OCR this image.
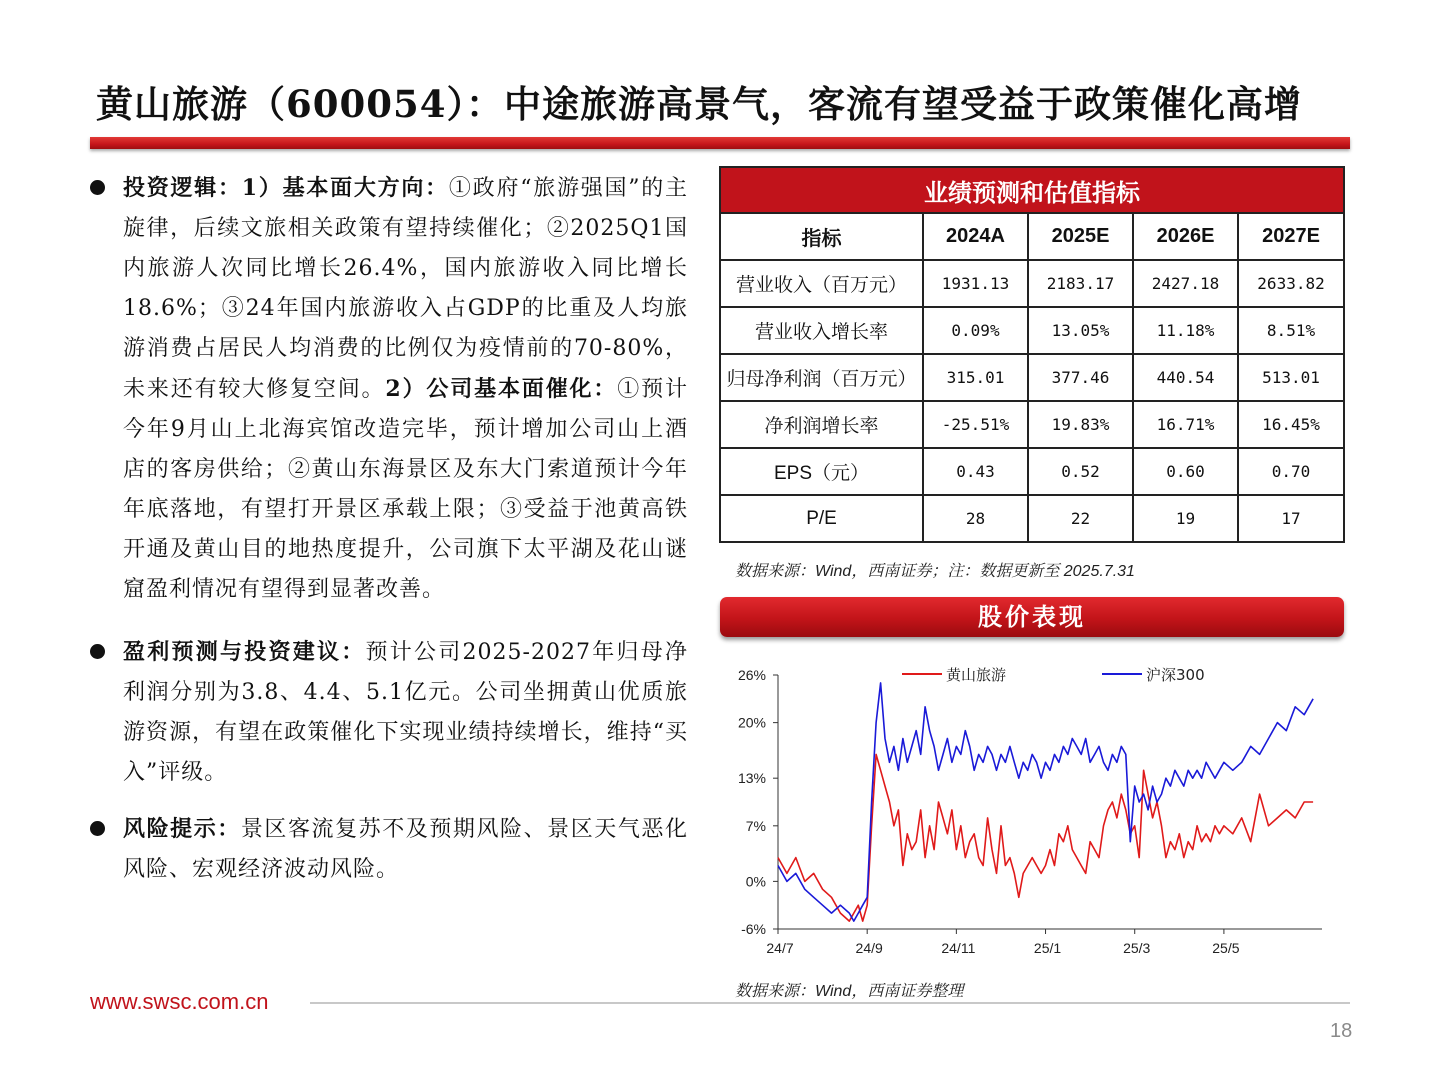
黄山旅游（600054）：中途旅游高景气，客流有望受益于政策催化高增
投资逻辑：1）基本面大方向：①政府“旅游强国”的主旋律，后续文旅相关政策有望持续催化；②2025Q1国内旅游人次同比增长26.4%，国内旅游收入同比增长18.6%；③24年国内旅游收入占GDP的比重及人均旅游消费占居民人均消费的比例仅为疫情前的70-80%，未来还有较大修复空间。2）公司基本面催化：①预计今年9月山上北海宾馆改造完毕，预计增加公司山上酒店的客房供给；②黄山东海景区及东大门索道预计今年年底落地，有望打开景区承载上限；③受益于池黄高铁开通及黄山目的地热度提升，公司旗下太平湖及花山谜窟盈利情况有望得到显著改善。
盈利预测与投资建议：预计公司2025-2027年归母净利润分别为3.8、4.4、5.1亿元。公司坐拥黄山优质旅游资源，有望在政策催化下实现业绩持续增长，维持“买入”评级。
风险提示：景区客流复苏不及预期风险、景区天气恶化风险、宏观经济波动风险。
业绩预测和估值指标				
指标	2024A	2025E	2026E	2027E
营业收入（百万元）	1931.13	2183.17	2427.18	2633.82
营业收入增长率	0.09%	13.05%	11.18%	8.51%
归母净利润（百万元）	315.01	377.46	440.54	513.01
净利润增长率	-25.51%	19.83%	16.71%	16.45%
EPS（元）	0.43	0.52	0.60	0.70
P/E	28	22	19	17
数据来源：Wind，西南证券；注：数据更新至 2025.7.31
股价表现
26%
20%
13%
7%
0%
-6%
24/7	24/9	24/11	25/1	25/3	25/5
黄山旅游	沪深300
数据来源：Wind，西南证券整理
www.swsc.com.cn
18
